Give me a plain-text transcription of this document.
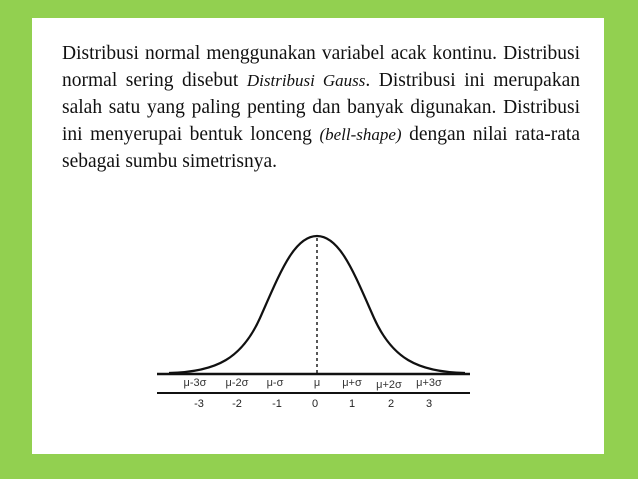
Distribusi normal menggunakan variabel acak kontinu. Distribusi normal sering disebut Distribusi Gauss. Distribusi ini merupakan salah satu yang paling penting dan banyak digunakan. Distribusi ini menyerupai bentuk lonceng (bell-shape) dengan nilai rata-rata sebagai sumbu simetrisnya.

μ-3σ μ-2σ μ-σ	μ μ+σ μ+2σ μ+3σ
-3	-2	-1	0	1	2	3
